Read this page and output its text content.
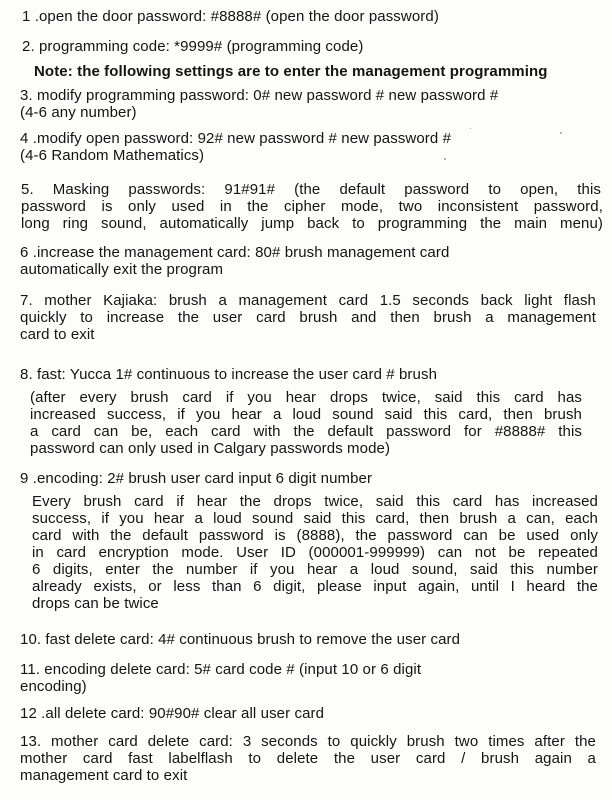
1 .open the door password: #8888# (open the door password)
2. programming code: *9999# (programming code)
Note: the following settings are to enter the management programming
3. modify programming password: 0# new password # new password #
(4-6 any number)
4 .modify open password: 92# new password # new password #
(4-6 Random Mathematics)
5. Masking passwords: 91#91# (the default password to open, this
password is only used in the cipher mode, two inconsistent password,
long ring sound, automatically jump back to programming the main menu)
6 .increase the management card: 80# brush management card
automatically exit the program
7. mother Kajiaka: brush a management card 1.5 seconds back light flash
quickly to increase the user card brush and then brush a management
card to exit
8. fast: Yucca 1# continuous to increase the user card # brush
(after every brush card if you hear drops twice, said this card has
increased success, if you hear a loud sound said this card, then brush
a card can be, each card with the default password for #8888# this
password can only used in Calgary passwords mode)
9 .encoding: 2# brush user card input 6 digit number
Every brush card if hear the drops twice, said this card has increased
success, if you hear a loud sound said this card, then brush a can, each
card with the default password is (8888), the password can be used only
in card encryption mode. User ID (000001-999999) can not be repeated
6 digits, enter the number if you hear a loud sound, said this number
already exists, or less than 6 digit, please input again, until I heard the
drops can be twice
10. fast delete card: 4# continuous brush to remove the user card
11. encoding delete card: 5# card code # (input 10 or 6 digit
encoding)
12 .all delete card: 90#90# clear all user card
13. mother card delete card: 3 seconds to quickly brush two times after the
mother card fast labelflash to delete the user card / brush again a
management card to exit
